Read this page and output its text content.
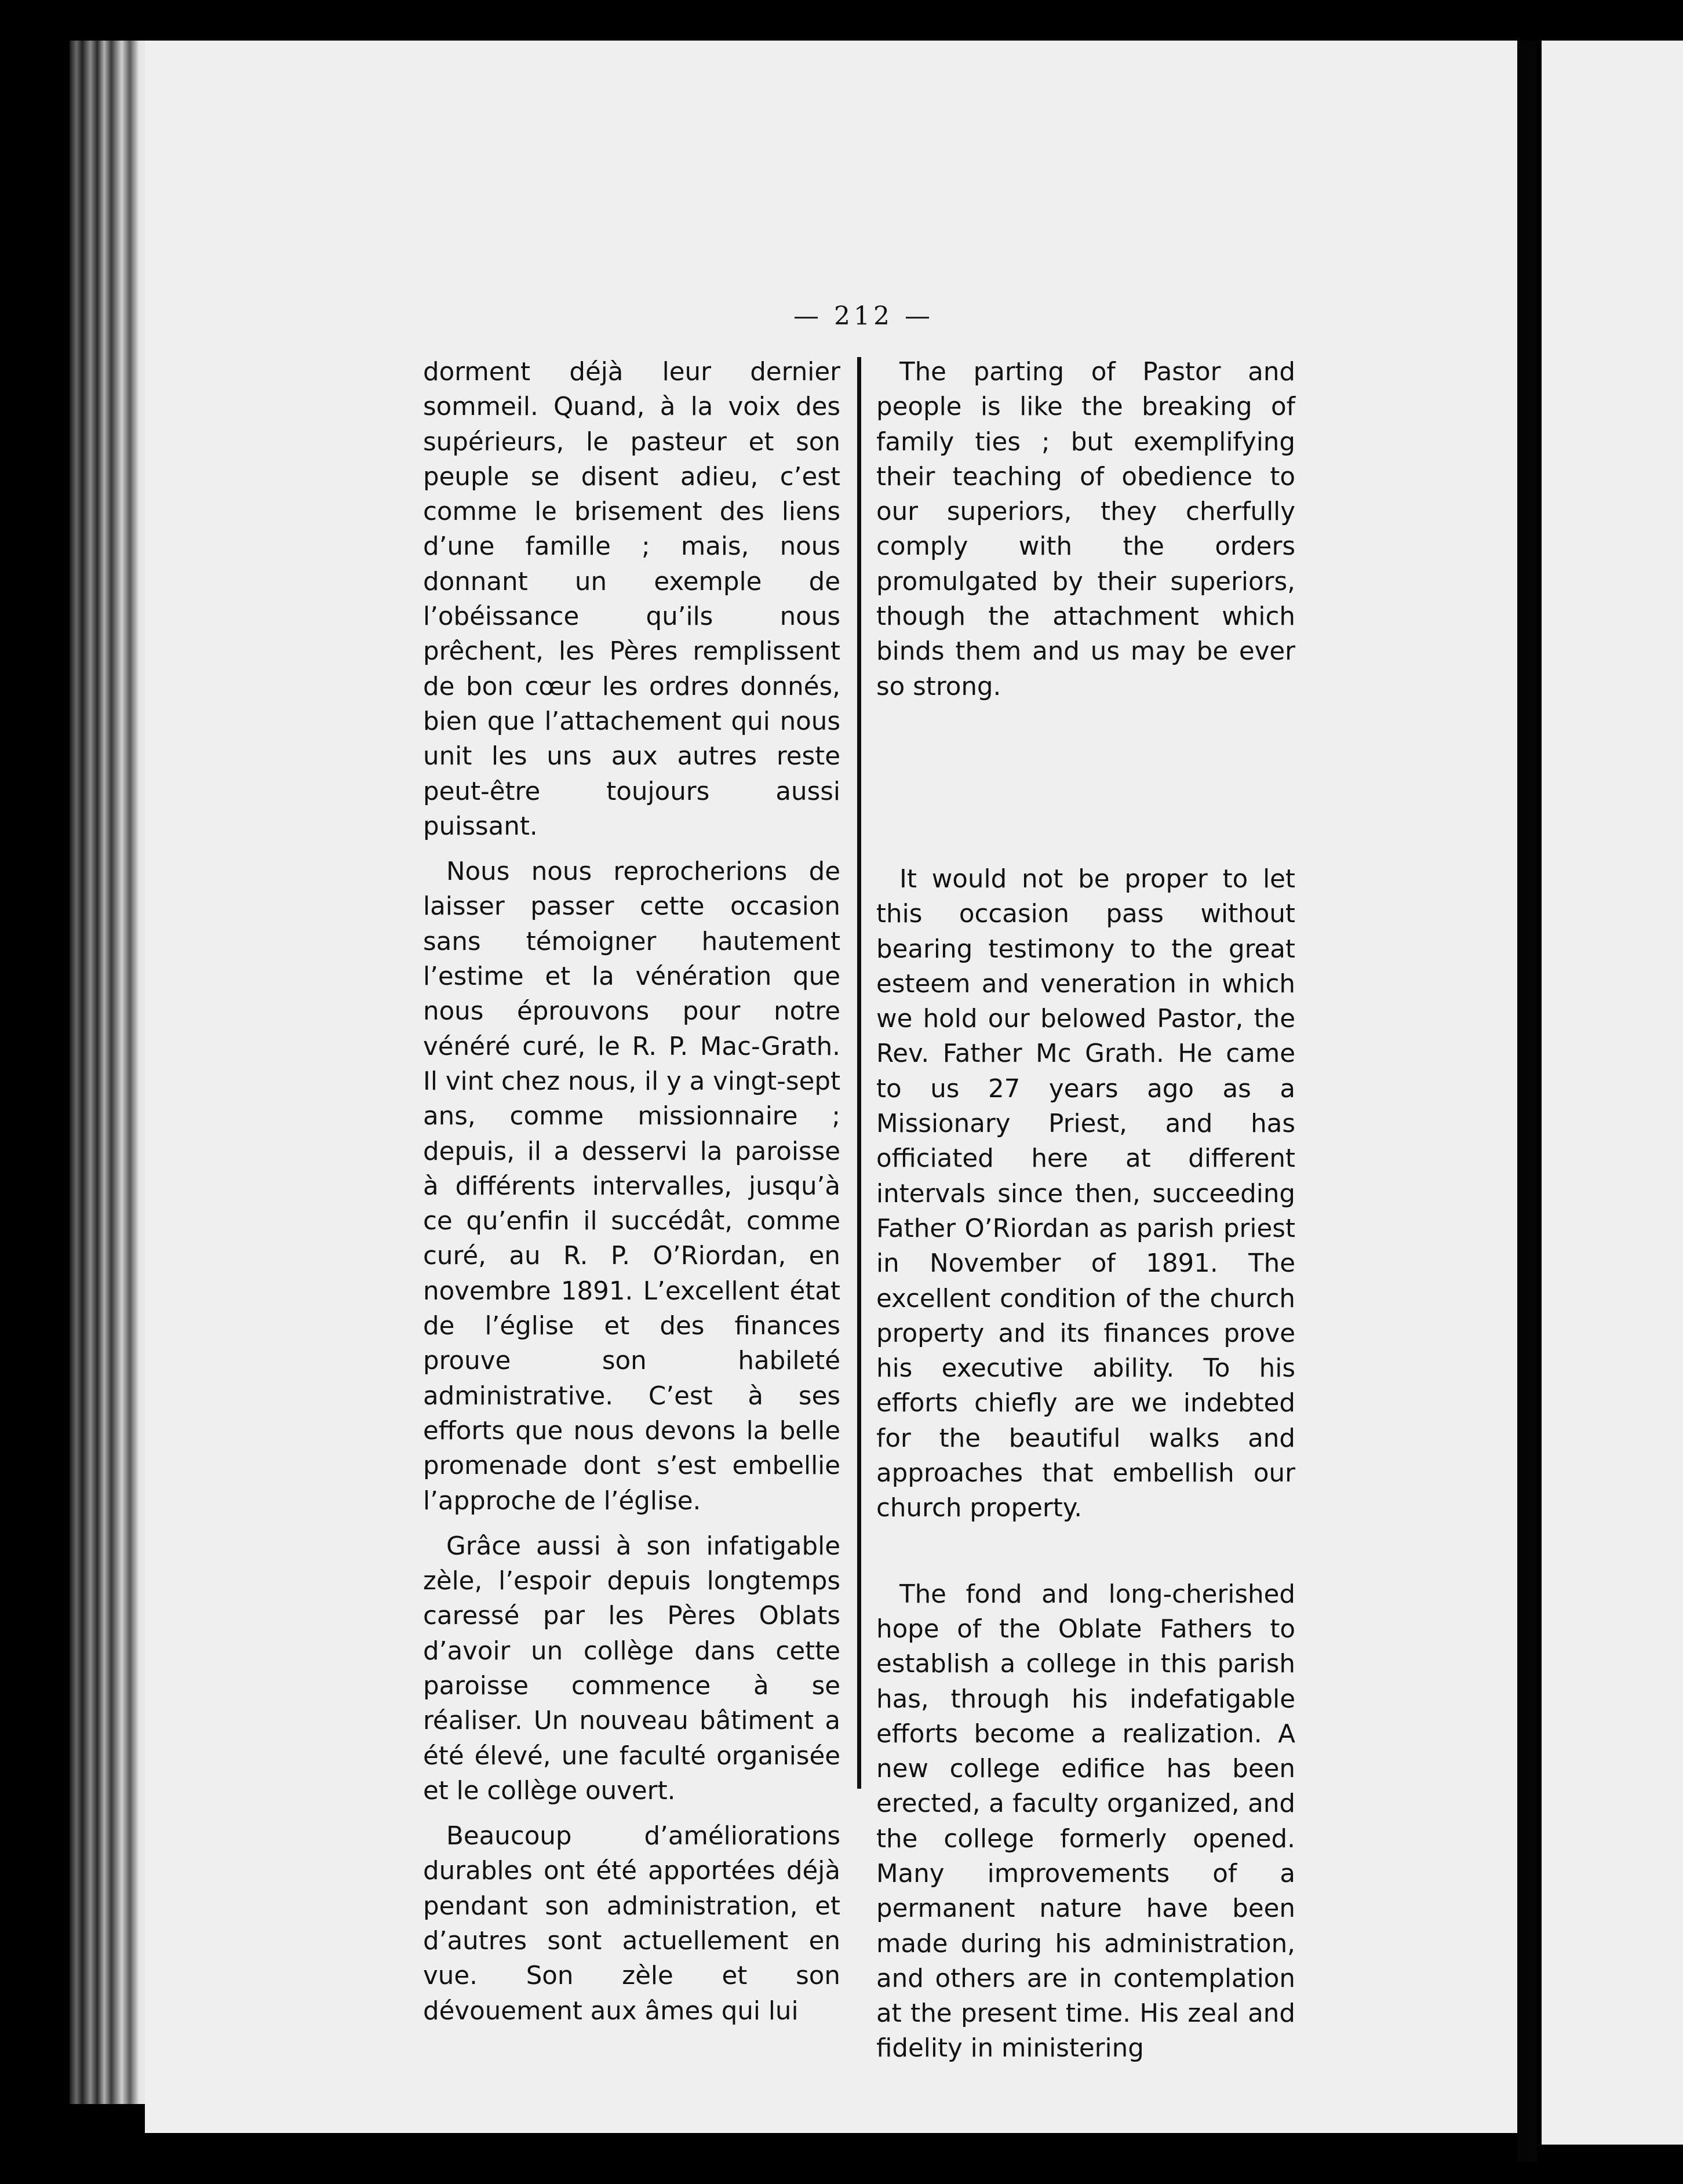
— 212 —

dorment déjà leur dernier sommeil. Quand, à la voix des supérieurs, le pasteur et son peuple se disent adieu, c’est comme le brisement des liens d’une famille ; mais, nous donnant un exemple de l’obéissance qu’ils nous prêchent, les Pères remplissent de bon cœur les ordres donnés, bien que l’attachement qui nous unit les uns aux autres reste peut-être toujours aussi puissant.

Nous nous reprocherions de laisser passer cette occasion sans témoigner hautement l’estime et la vénération que nous éprouvons pour notre vénéré curé, le R. P. Mac-Grath. Il vint chez nous, il y a vingt-sept ans, comme missionnaire ; depuis, il a desservi la paroisse à différents intervalles, jusqu’à ce qu’enfin il succédât, comme curé, au R. P. O’Riordan, en novembre 1891. L’excellent état de l’église et des finances prouve son habileté administrative. C’est à ses efforts que nous devons la belle promenade dont s’est embellie l’approche de l’église.

Grâce aussi à son infatigable zèle, l’espoir depuis longtemps caressé par les Pères Oblats d’avoir un collège dans cette paroisse commence à se réaliser. Un nouveau bâtiment a été élevé, une faculté organisée et le collège ouvert.

Beaucoup d’améliorations durables ont été apportées déjà pendant son administration, et d’autres sont actuellement en vue. Son zèle et son dévouement aux âmes qui lui

The parting of Pastor and people is like the breaking of family ties ; but exemplifying their teaching of obedience to our superiors, they cherfully comply with the orders promulgated by their superiors, though the attachment which binds them and us may be ever so strong.

It would not be proper to let this occasion pass without bearing testimony to the great esteem and veneration in which we hold our belowed Pastor, the Rev. Father Mc Grath. He came to us 27 years ago as a Missionary Priest, and has officiated here at different intervals since then, succeeding Father O’Riordan as parish priest in November of 1891. The excellent condition of the church property and its finances prove his executive ability. To his efforts chiefly are we indebted for the beautiful walks and approaches that embellish our church property.

The fond and long-cherished hope of the Oblate Fathers to establish a college in this parish has, through his indefatigable efforts become a realization. A new college edifice has been erected, a faculty organized, and the college formerly opened. Many improvements of a permanent nature have been made during his administration, and others are in contemplation at the present time. His zeal and fidelity in ministering
